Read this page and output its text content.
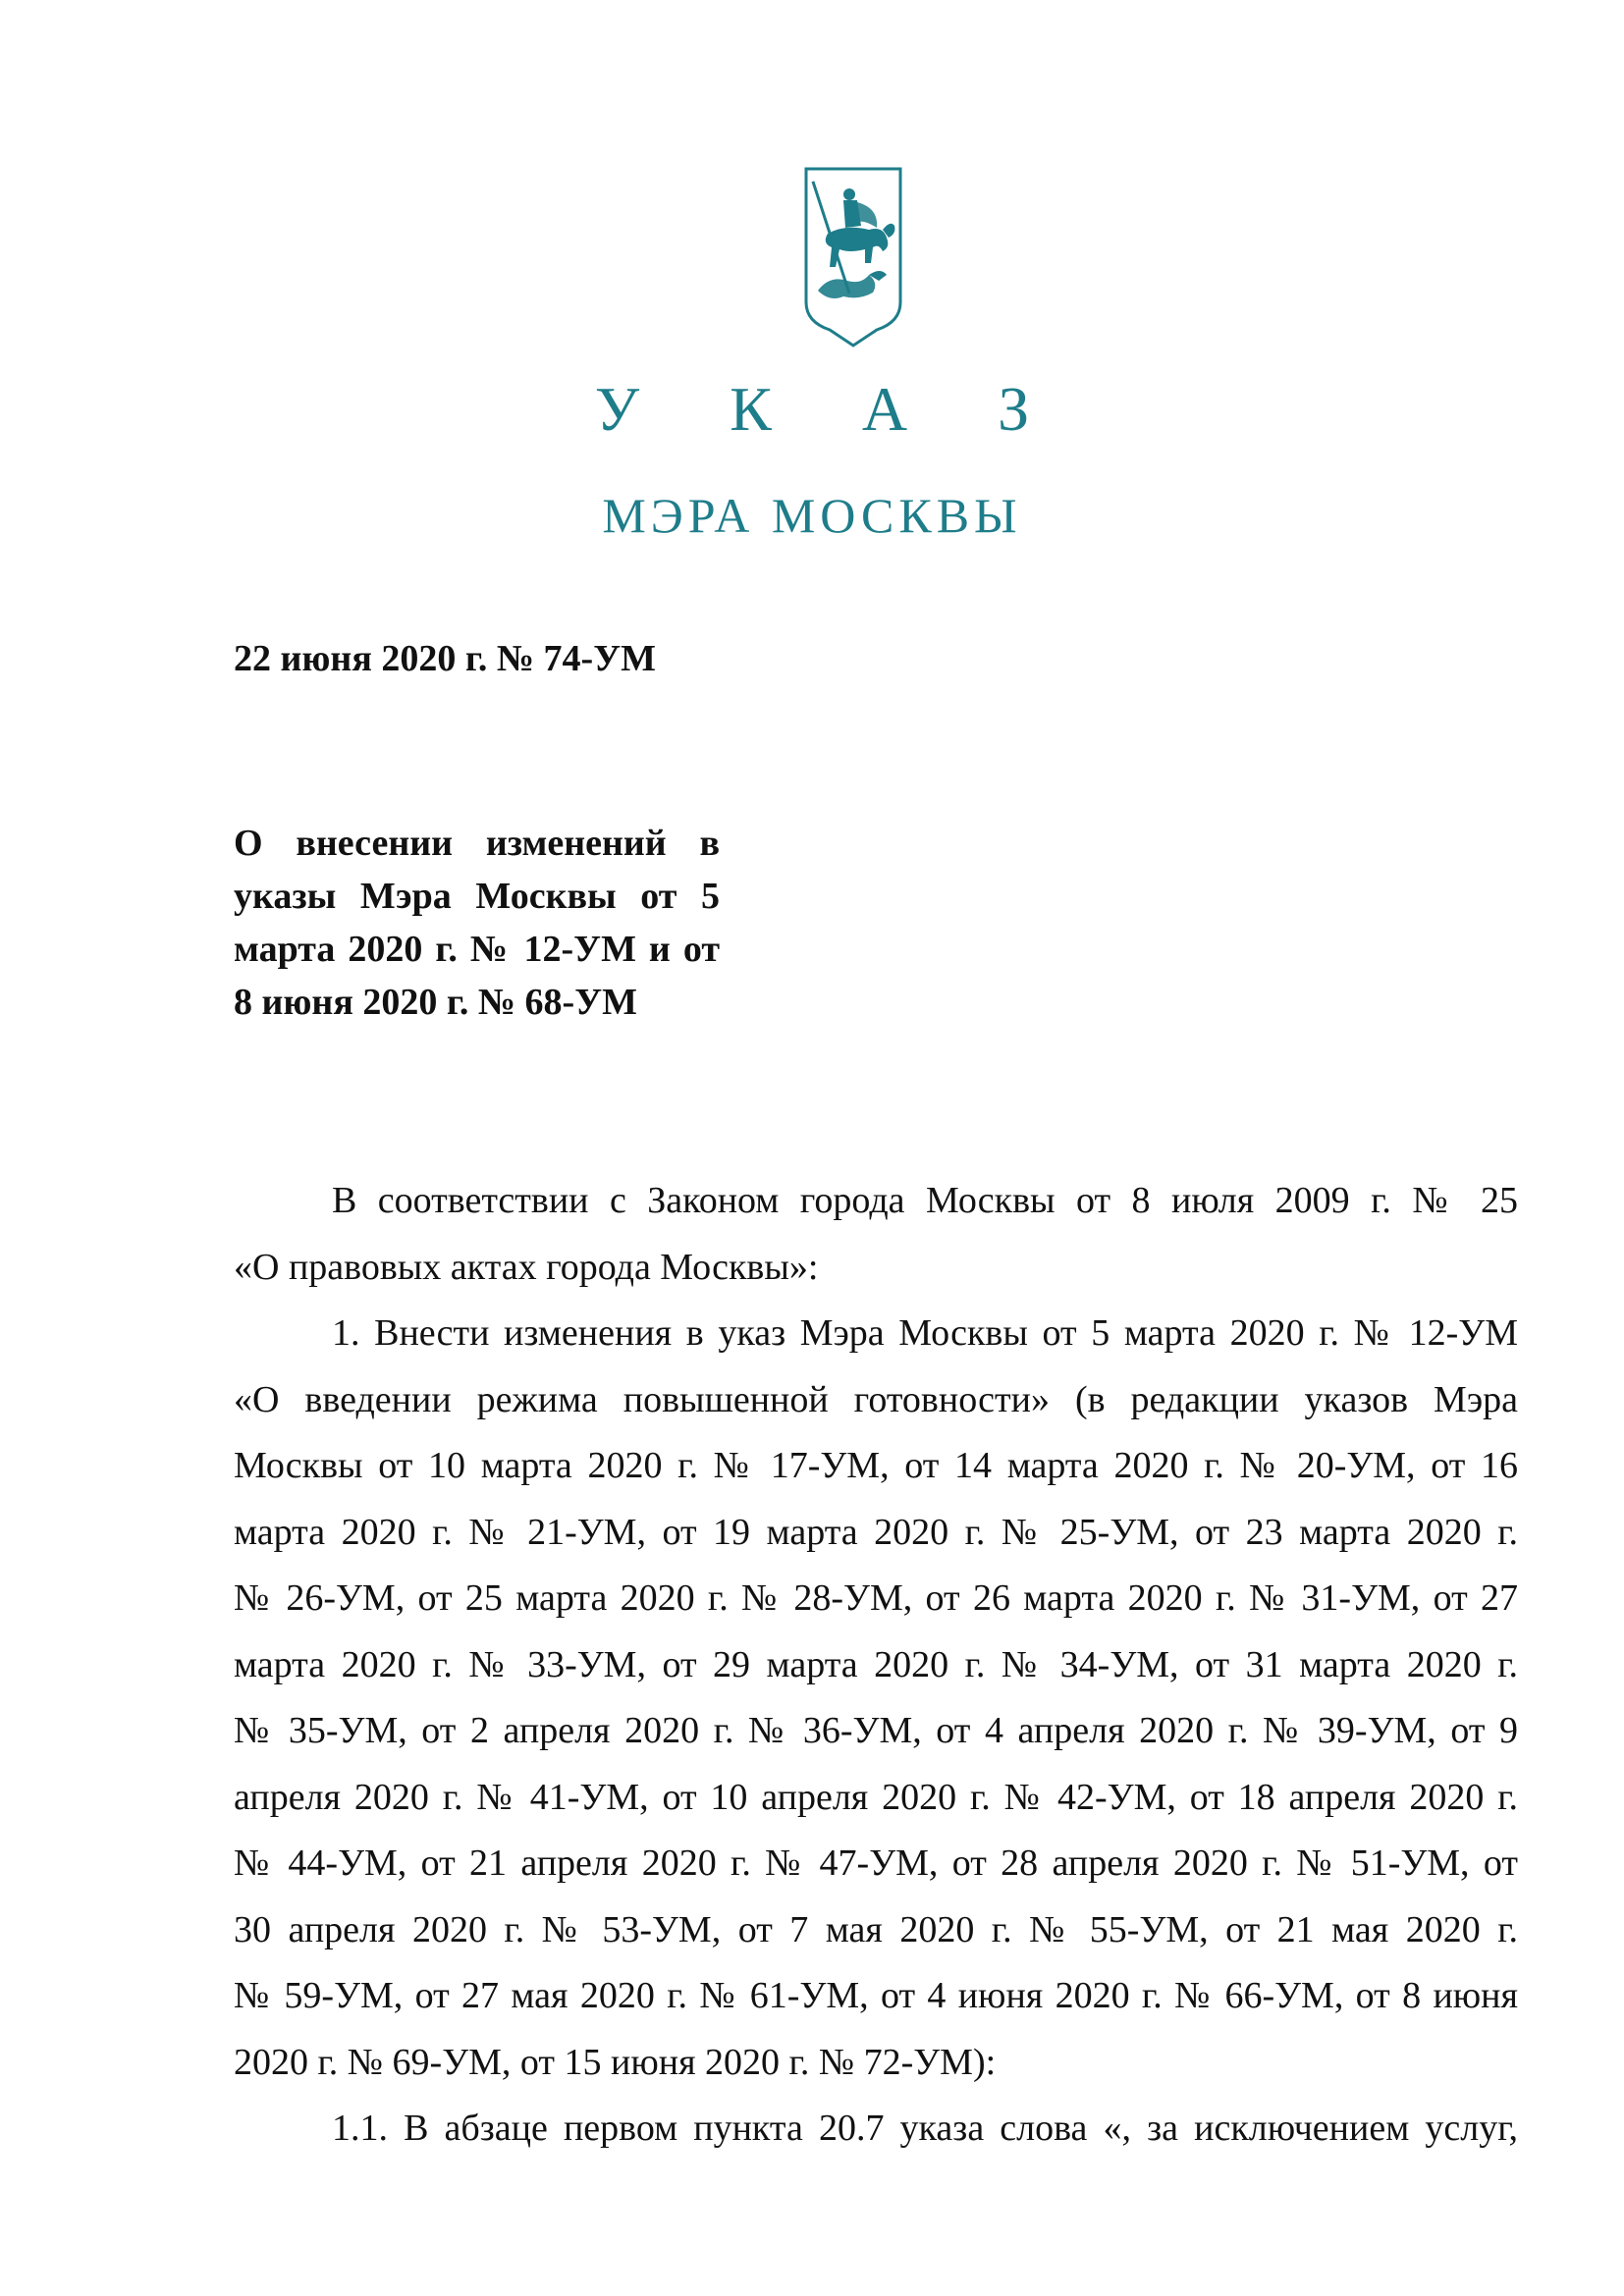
У К А З
МЭРА МОСКВЫ
22 июня 2020 г. № 74-УМ
О внесении изменений в
указы Мэра Москвы от 5
марта 2020 г. № 12-УМ и от
8 июня 2020 г. № 68-УМ
В соответствии с Законом города Москвы от 8 июля 2009 г. № 25
«О правовых актах города Москвы»:
1. Внести изменения в указ Мэра Москвы от 5 марта 2020 г. № 12-УМ
«О введении режима повышенной готовности» (в редакции указов Мэра
Москвы от 10 марта 2020 г. № 17-УМ, от 14 марта 2020 г. № 20-УМ, от 16
марта 2020 г. № 21-УМ, от 19 марта 2020 г. № 25-УМ, от 23 марта 2020 г.
№ 26-УМ, от 25 марта 2020 г. № 28-УМ, от 26 марта 2020 г. № 31-УМ, от 27
марта 2020 г. № 33-УМ, от 29 марта 2020 г. № 34-УМ, от 31 марта 2020 г.
№ 35-УМ, от 2 апреля 2020 г. № 36-УМ, от 4 апреля 2020 г. № 39-УМ, от 9
апреля 2020 г. № 41-УМ, от 10 апреля 2020 г. № 42-УМ, от 18 апреля 2020 г.
№ 44-УМ, от 21 апреля 2020 г. № 47-УМ, от 28 апреля 2020 г. № 51-УМ, от
30 апреля 2020 г. № 53-УМ, от 7 мая 2020 г. № 55-УМ, от 21 мая 2020 г.
№ 59-УМ, от 27 мая 2020 г. № 61-УМ, от 4 июня 2020 г. № 66-УМ, от 8 июня
2020 г. № 69-УМ, от 15 июня 2020 г. № 72-УМ):
1.1. В абзаце первом пункта 20.7 указа слова «, за исключением услуг,
